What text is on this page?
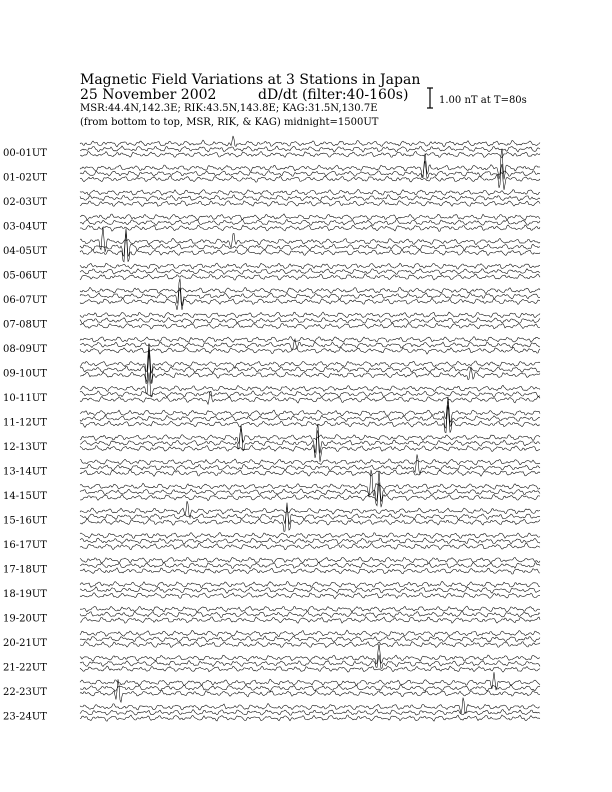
Magnetic Field Variations at 3 Stations in Japan
25 November 2002	dD/dt (filter:40-160s)
MSR:44.4N,142.3E; RIK:43.5N,143.8E; KAG:31.5N,130.7E
(from bottom to top, MSR, RIK, & KAG) midnight=1500UT
1.00 nT at T=80s
00-01UT
01-02UT
02-03UT
03-04UT
04-05UT
05-06UT
06-07UT
07-08UT
08-09UT
09-10UT
10-11UT
11-12UT
12-13UT
13-14UT
14-15UT
15-16UT
16-17UT
17-18UT
18-19UT
19-20UT
20-21UT
21-22UT
22-23UT
23-24UT
